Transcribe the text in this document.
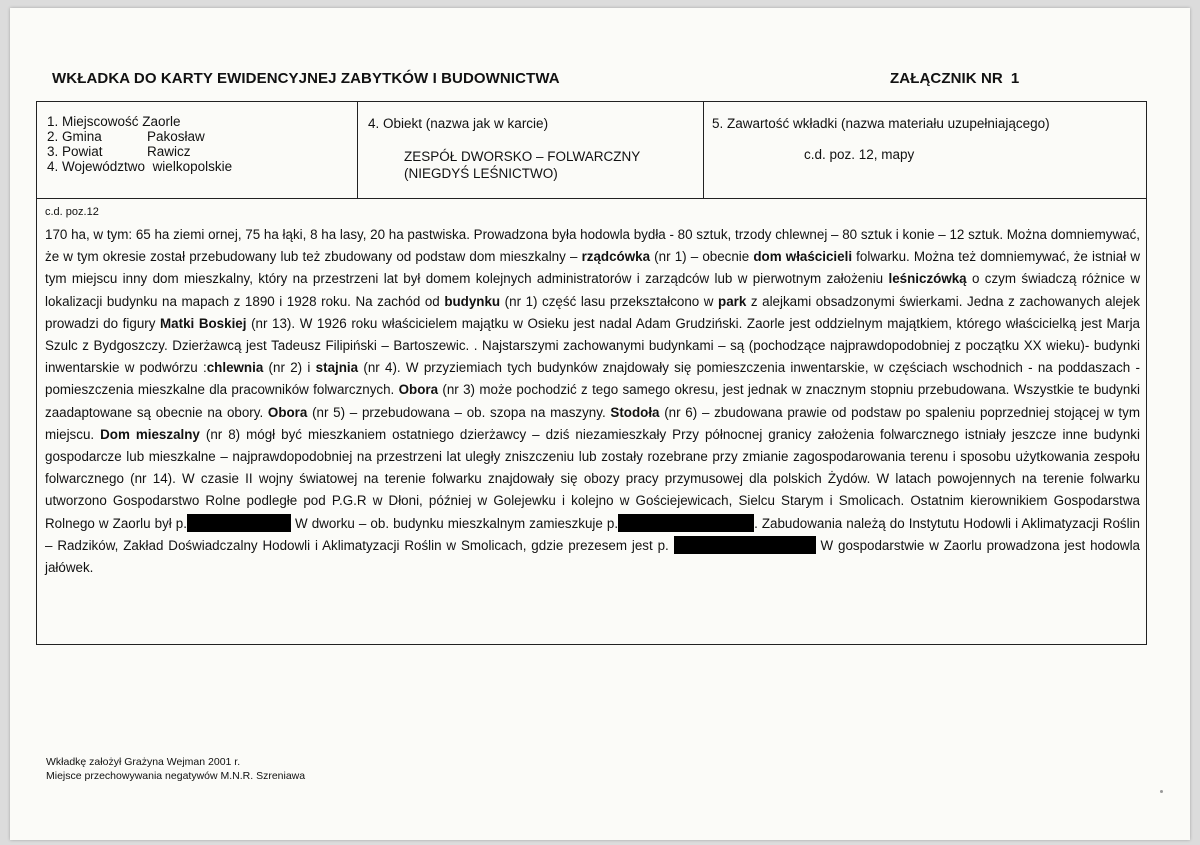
WKŁADKA DO KARTY EWIDENCYJNEJ ZABYTKÓW I BUDOWNICTWA	ZAŁĄCZNIK NR 1
1. Miejscowość
Zaorle
2. Gmina	Pakosław
3. Powiat	Rawicz
4. Województwo
wielkopolskie
4. Obiekt (nazwa jak w karcie)
ZESPÓŁ DWORSKO – FOLWARCZNY
(NIEGDYŚ LEŚNICTWO)
5. Zawartość wkładki (nazwa materiału uzupełniającego)
c.d. poz. 12, mapy
c.d. poz.12
170 ha, w tym: 65 ha ziemi ornej, 75 ha łąki, 8 ha lasy, 20 ha pastwiska. Prowadzona była hodowla bydła - 80 sztuk, trzody chlewnej – 80 sztuk i konie – 12 sztuk. Można domniemywać, że w tym okresie został przebudowany lub też zbudowany od podstaw dom mieszkalny – rządcówka (nr 1) – obecnie dom właścicieli folwarku. Można też domniemywać, że istniał w tym miejscu inny dom mieszkalny, który na przestrzeni lat był domem kolejnych administratorów i zarządców lub w pierwotnym założeniu leśniczówką o czym świadczą różnice w lokalizacji budynku na mapach z 1890 i 1928 roku. Na zachód od budynku (nr 1) część lasu przekształcono w park z alejkami obsadzonymi świerkami. Jedna z zachowanych alejek prowadzi do figury Matki Boskiej (nr 13). W 1926 roku właścicielem majątku w Osieku jest nadal Adam Grudziński. Zaorle jest oddzielnym majątkiem, którego właścicielką jest Marja Szulc z Bydgoszczy. Dzierżawcą jest Tadeusz Filipiński – Bartoszewic. . Najstarszymi zachowanymi budynkami – są (pochodzące najprawdopodobniej z początku XX wieku)- budynki inwentarskie w podwórzu :chlewnia (nr 2) i stajnia (nr 4). W przyziemiach tych budynków znajdowały się pomieszczenia inwentarskie, w częściach wschodnich - na poddaszach - pomieszczenia mieszkalne dla pracowników folwarcznych. Obora (nr 3) może pochodzić z tego samego okresu, jest jednak w znacznym stopniu przebudowana. Wszystkie te budynki zaadaptowane są obecnie na obory. Obora (nr 5) – przebudowana – ob. szopa na maszyny. Stodoła (nr 6) – zbudowana prawie od podstaw po spaleniu poprzedniej stojącej w tym miejscu. Dom mieszalny (nr 8) mógł być mieszkaniem ostatniego dzierżawcy – dziś niezamieszkały Przy północnej granicy założenia folwarcznego istniały jeszcze inne budynki gospodarcze lub mieszkalne – najprawdopodobniej na przestrzeni lat uległy zniszczeniu lub zostały rozebrane przy zmianie zagospodarowania terenu i sposobu użytkowania zespołu folwarcznego (nr 14). W czasie II wojny światowej na terenie folwarku znajdowały się obozy pracy przymusowej dla polskich Żydów. W latach powojennych na terenie folwarku utworzono Gospodarstwo Rolne podległe pod P.G.R w Dłoni, później w Golejewku i kolejno w Gościejewicach, Sielcu Starym i Smolicach. Ostatnim kierownikiem Gospodarstwa Rolnego w Zaorlu był p.	W dworku – ob. budynku mieszkalnym zamieszkuje p.	. Zabudowania należą do Instytutu Hodowli i Aklimatyzacji Roślin – Radzików, Zakład Doświadczalny Hodowli i Aklimatyzacji Roślin w Smolicach, gdzie prezesem jest p.	W gospodarstwie w Zaorlu prowadzona jest hodowla jałówek.
Wkładkę założył Grażyna Wejman 2001 r.
Miejsce przechowywania negatywów M.N.R. Szreniawa
